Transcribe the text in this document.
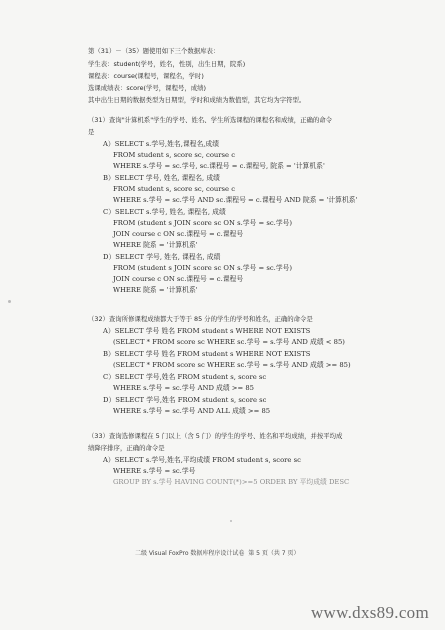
第（31）－（35）题使用如下三个数据库表：
学生表：student(学号，姓名，性别，出生日期，院系)
课程表：course(课程号，课程名，学时)
选课成绩表：score(学号，课程号，成绩)
其中出生日期的数据类型为日期型，学时和成绩为数值型，其它均为字符型。
（31）查询"计算机系"学生的学号、姓名、学生所选课程的课程名和成绩，正确的命令
是
A）SELECT s.学号,姓名,课程名,成绩
FROM student s, score sc, course c
WHERE s.学号 = sc.学号, sc.课程号 = c.课程号, 院系 = '计算机系'
B）SELECT 学号, 姓名, 课程名, 成绩
FROM student s, score sc, course c
WHERE s.学号 = sc.学号 AND sc.课程号 = c.课程号 AND 院系 = '计算机系'
C）SELECT s.学号, 姓名, 课程名, 成绩
FROM (student s JOIN score sc ON s.学号 = sc.学号)
JOIN course c ON sc.课程号 = c.课程号
WHERE 院系 = '计算机系'
D）SELECT 学号, 姓名, 课程名, 成绩
FROM (student s JOIN score sc ON s.学号 = sc.学号)
JOIN course c ON sc.课程号 = c.课程号
WHERE 院系 = '计算机系'
（32）查询所修课程成绩都大于等于 85 分的学生的学号和姓名，正确的命令是
A）SELECT 学号 姓名 FROM student s WHERE NOT EXISTS
(SELECT * FROM score sc WHERE sc.学号 = s.学号 AND 成绩 < 85)
B）SELECT 学号 姓名 FROM student s WHERE NOT EXISTS
(SELECT * FROM score sc WHERE sc.学号 = s.学号 AND 成绩 >= 85)
C）SELECT 学号,姓名 FROM student s, score sc
WHERE s.学号 = sc.学号 AND 成绩 >= 85
D）SELECT 学号,姓名 FROM student s, score sc
WHERE s.学号 = sc.学号 AND ALL 成绩 >= 85
（33）查询选修课程在 5 门以上（含 5 门）的学生的学号、姓名和平均成绩，并按平均成
绩降序排序，正确的命令是
A）SELECT s.学号,姓名,平均成绩 FROM student s, score sc
WHERE s.学号 = sc.学号
GROUP BY s.学号 HAVING COUNT(*)>=5 ORDER BY 平均成绩 DESC
二级 Visual FoxPro 数据库程序设计试卷  第 5 页（共 7 页）
www.dxs89.com
